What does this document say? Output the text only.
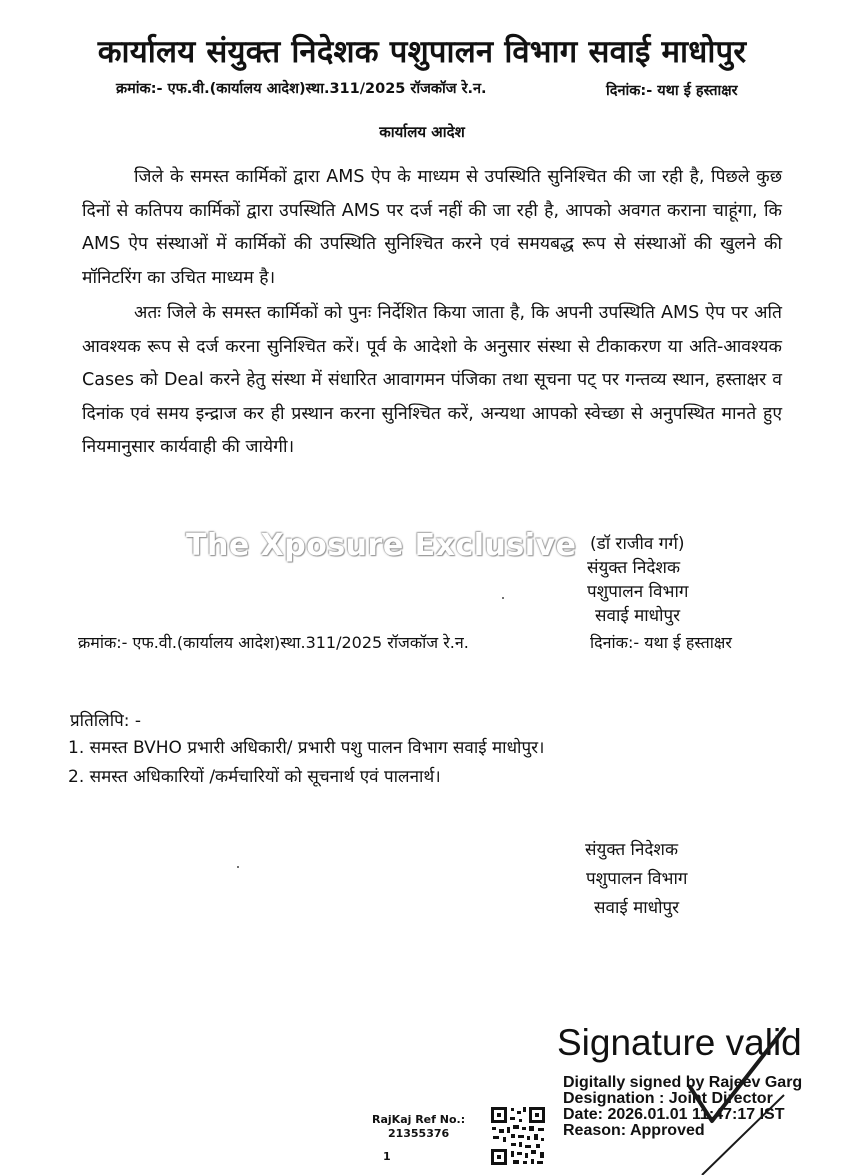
कार्यालय संयुक्त निदेशक पशुपालन विभाग सवाई माधोपुर
क्रमांक:- एफ.वी.(कार्यालय आदेश)स्था.311/2025 रॉजकॉज रे.न.	दिनांक:- यथा ई हस्ताक्षर
कार्यालय आदेश
जिले के समस्त कार्मिकों द्वारा AMS ऐप के माध्यम से उपस्थिति सुनिश्चित की जा रही है, पिछले कुछ दिनों से कतिपय कार्मिकों द्वारा उपस्थिति AMS पर दर्ज नहीं की जा रही है, आपको अवगत कराना चाहूंगा, कि AMS ऐप संस्थाओं में कार्मिकों की उपस्थिति सुनिश्चित करने एवं समयबद्ध रूप से संस्थाओं की खुलने की मॉनिटरिंग का उचित माध्यम है।
अतः जिले के समस्त कार्मिकों को पुनः निर्देशित किया जाता है, कि अपनी उपस्थिति AMS ऐप पर अति आवश्यक रूप से दर्ज करना सुनिश्चित करें। पूर्व के आदेशो के अनुसार संस्था से टीकाकरण या अति-आवश्यक Cases को Deal करने हेतु संस्था में संधारित आवागमन पंजिका तथा सूचना पट् पर गन्तव्य स्थान, हस्ताक्षर व दिनांक एवं समय इन्द्राज कर ही प्रस्थान करना सुनिश्चित करें, अन्यथा आपको स्वेच्छा से अनुपस्थित मानते हुए नियमानुसार कार्यवाही की जायेगी।
The Xposure Exclusive (डॉ राजीव गर्ग)
संयुक्त निदेशक
पशुपालन विभाग
सवाई माधोपुर
क्रमांक:- एफ.वी.(कार्यालय आदेश)स्था.311/2025 रॉजकॉज रे.न.	दिनांक:- यथा ई हस्ताक्षर
प्रतिलिपि: -
1. समस्त BVHO प्रभारी अधिकारी/ प्रभारी पशु पालन विभाग सवाई माधोपुर।
2. समस्त अधिकारियों /कर्मचारियों को सूचनार्थ एवं पालनार्थ।
संयुक्त निदेशक
पशुपालन विभाग
सवाई माधोपुर
Signature valid
Digitally signed by Rajeev Garg
Designation : Joint Director
Date: 2026.01.01 11:47:17 IST
Reason: Approved
RajKaj Ref No.:
21355376
1
